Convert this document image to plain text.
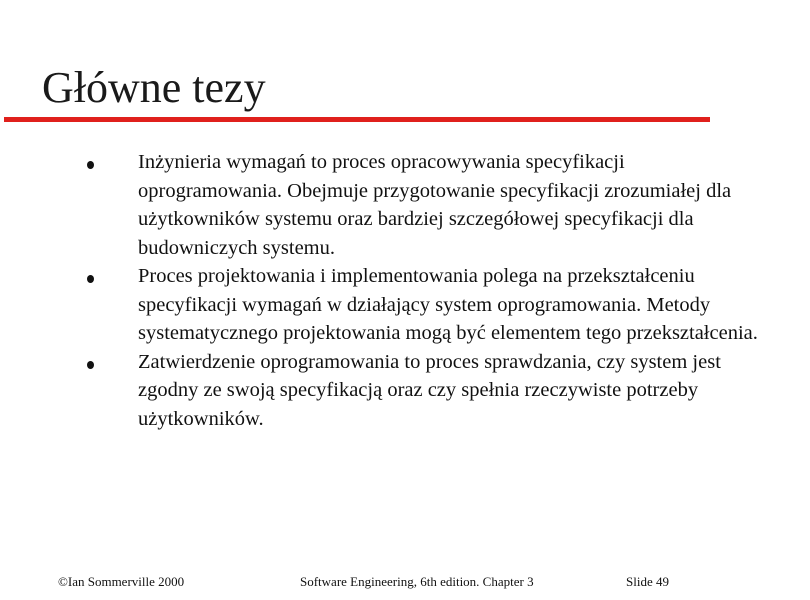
Główne tezy
Inżynieria wymagań to proces opracowywania specyfikacji oprogramowania. Obejmuje przygotowanie specyfikacji zrozumiałej dla użytkowników systemu oraz bardziej szczegółowej specyfikacji dla budowniczych systemu.
Proces projektowania i implementowania polega na przekształceniu specyfikacji wymagań w działający system oprogramowania. Metody systematycznego projektowania mogą być elementem tego przekształcenia.
Zatwierdzenie oprogramowania to proces sprawdzania, czy system jest zgodny ze swoją specyfikacją oraz czy spełnia rzeczywiste potrzeby użytkowników.
©Ian Sommerville 2000	Software Engineering, 6th edition. Chapter 3	Slide 49
